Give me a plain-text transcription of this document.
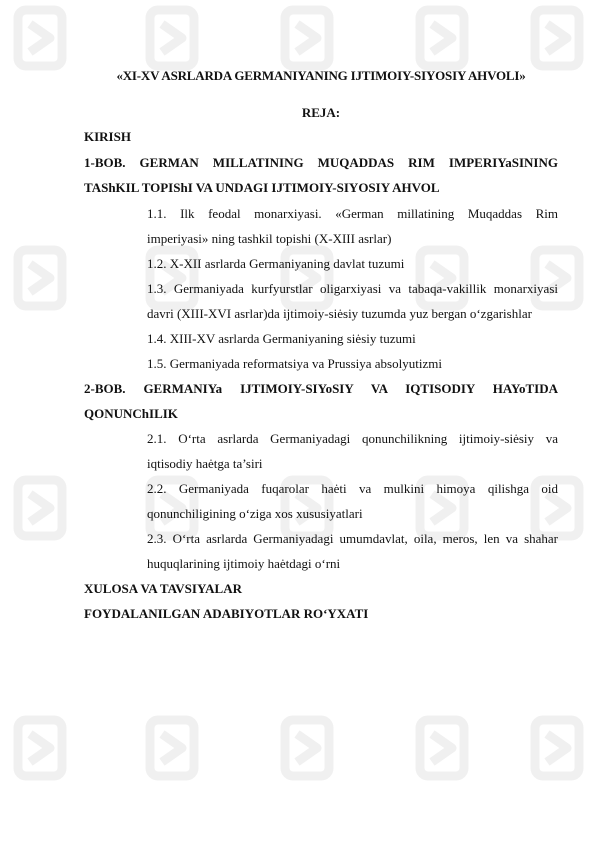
«XI-XV ASRLARDA GERMANIYANING IJTIMOIY-SIYOSIY AHVOLI»
REJA:
KIRISH
1-BOB. GERMAN MILLATINING MUQADDAS RIM IMPERIYaSINING
TAShKIL TOPIShI VA UNDAGI IJTIMOIY-SIYOSIY AHVOL
1.1. Ilk feodal monarxiyasi. «German millatining Muqaddas Rim
imperiyasi» ning tashkil topishi (X-XIII asrlar)
1.2. X-XII asrlarda Germaniyaning davlat tuzumi
1.3. Germaniyada kurfyurstlar oligarxiyasi va tabaqa-vakillik monarxiyasi
davri (XIII-XVI asrlar)da ijtimoiy-siėsiy tuzumda yuz bergan o‘zgarishlar
1.4. XIII-XV asrlarda Germaniyaning siėsiy tuzumi
1.5. Germaniyada reformatsiya va Prussiya absolyutizmi
2-BOB. GERMANIYa IJTIMOIY-SIYoSIY VA IQTISODIY HAYoTIDA
QONUNChILIK
2.1. O‘rta asrlarda Germaniyadagi qonunchilikning ijtimoiy-siėsiy va
iqtisodiy haėtga ta’siri
2.2. Germaniyada fuqarolar haėti va mulkini himoya qilishga oid
qonunchiligining o‘ziga xos xususiyatlari
2.3. O‘rta asrlarda Germaniyadagi umumdavlat, oila, meros, len va shahar
huquqlarining ijtimoiy haėtdagi o‘rni
XULOSA VA TAVSIYALAR
FOYDALANILGAN ADABIYOTLAR RO‘YXATI
